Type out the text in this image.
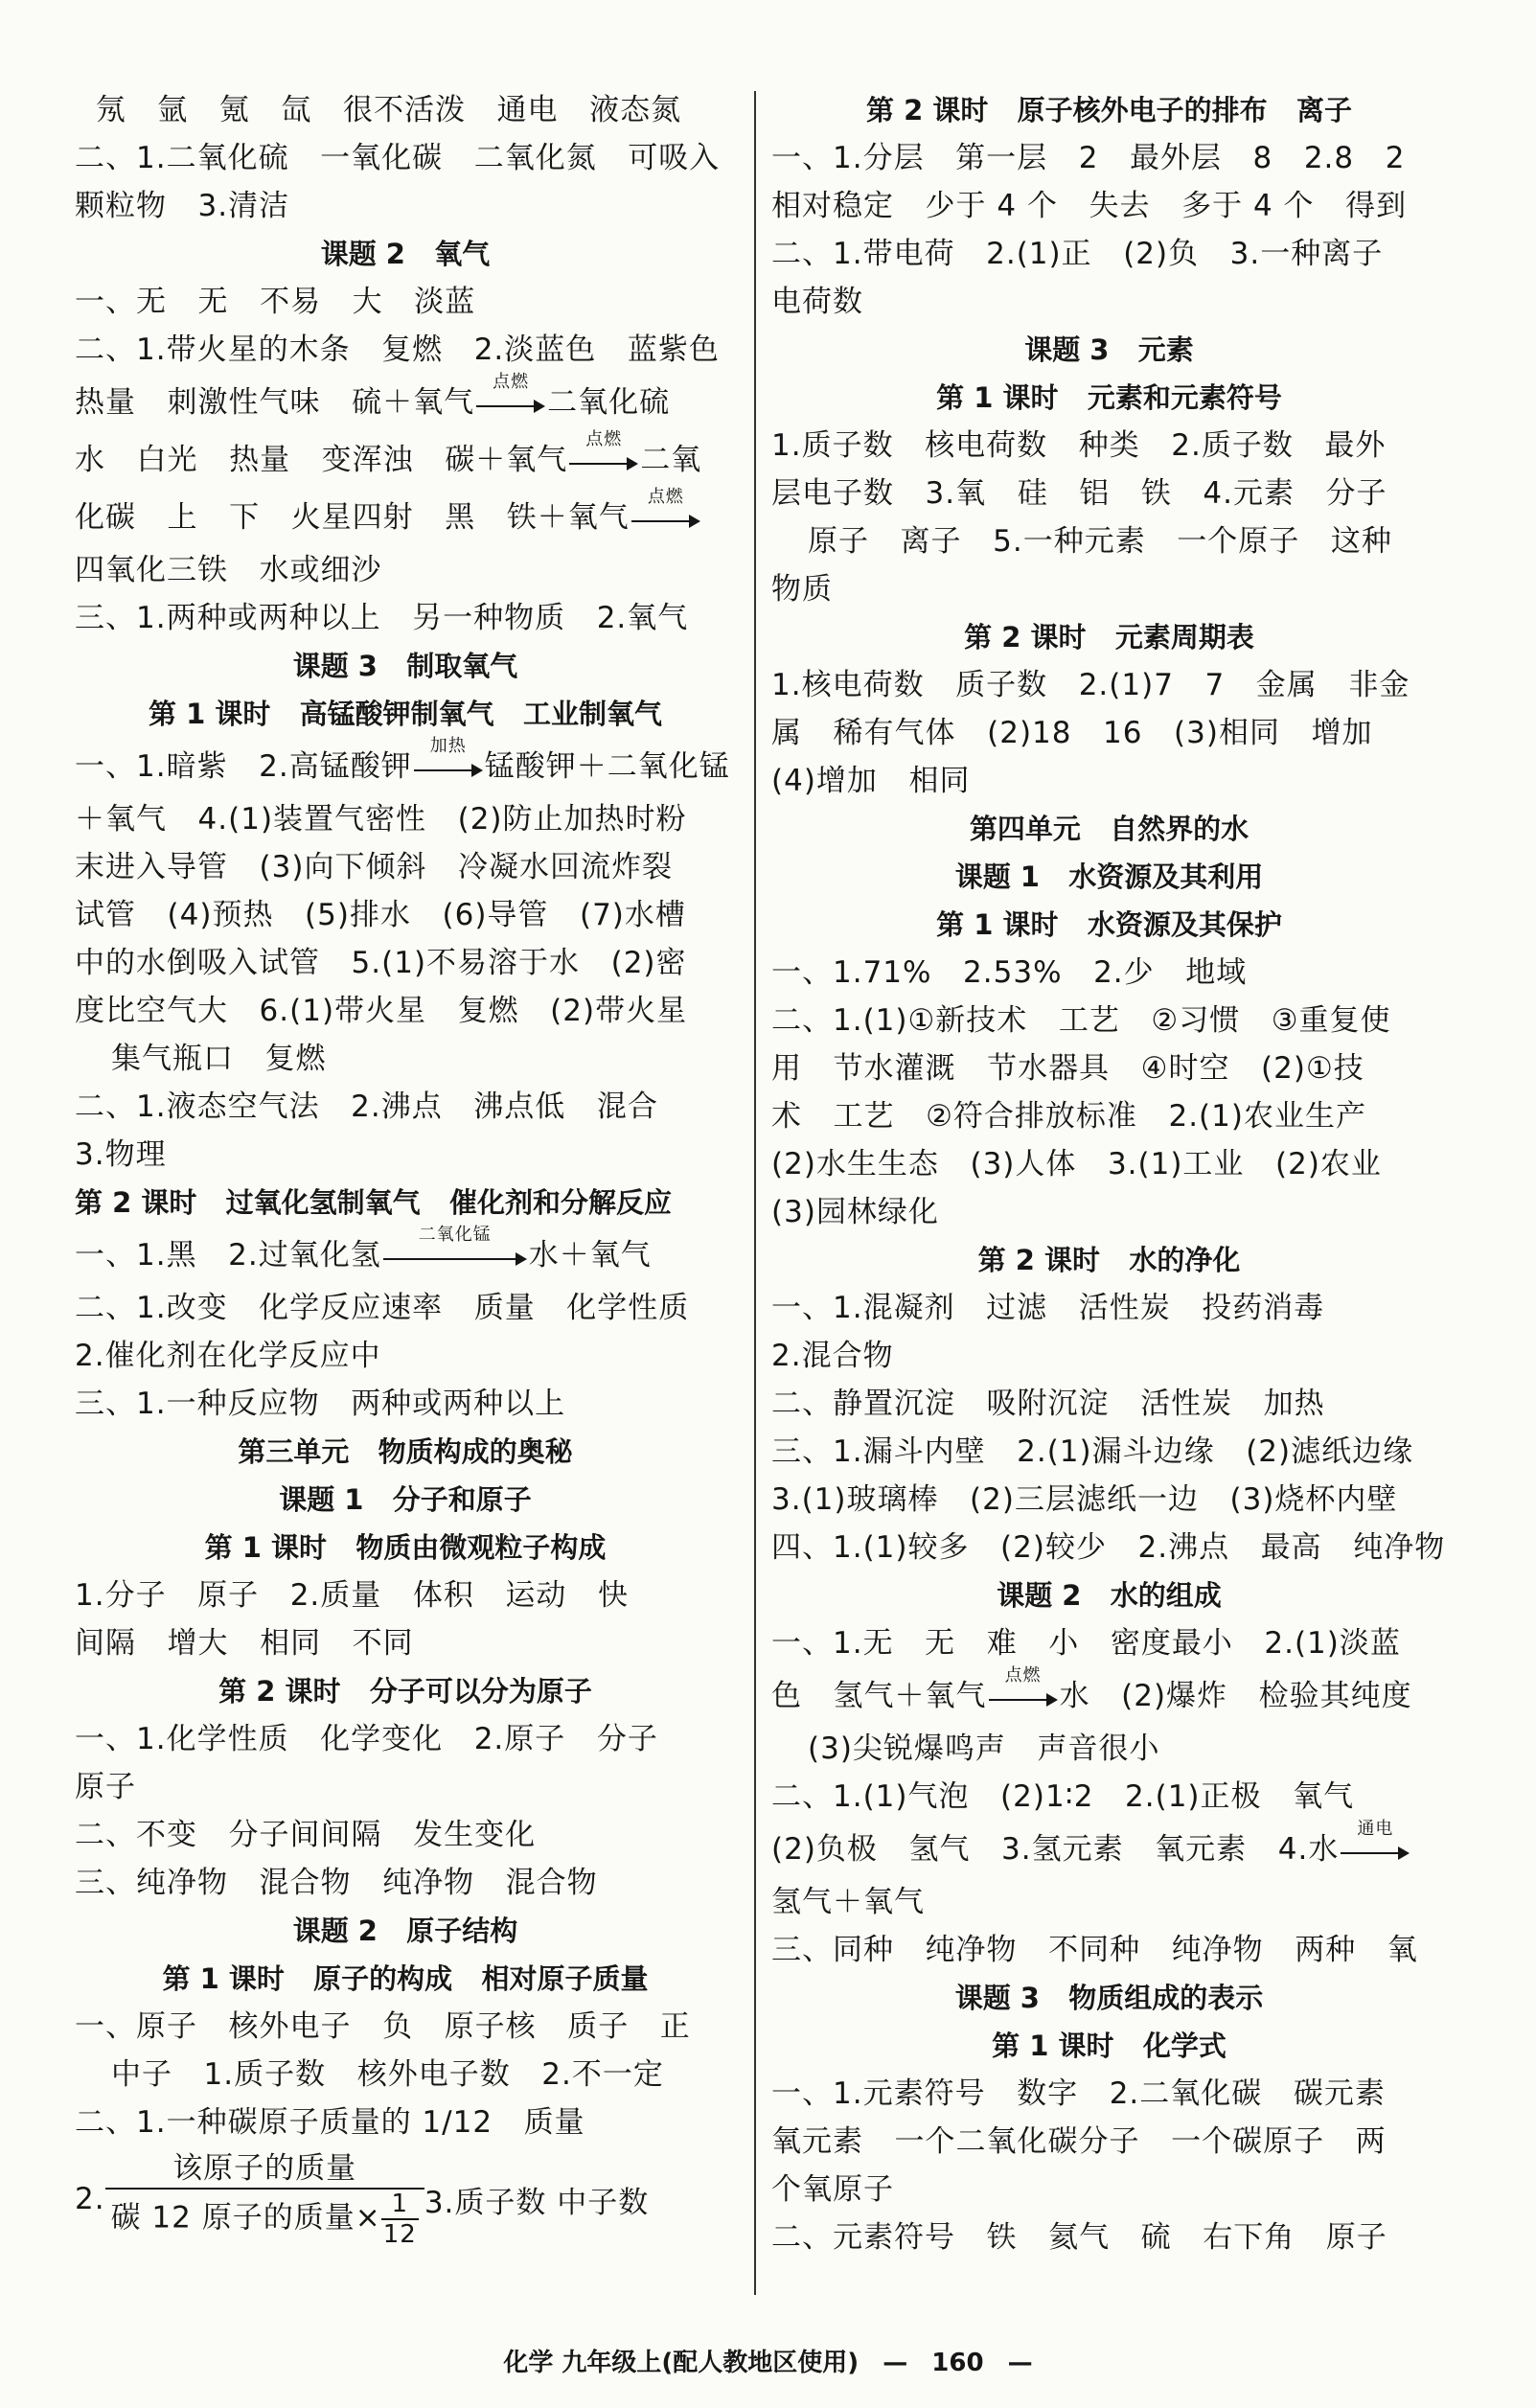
氖   氩   氪   氙   很不活泼   通电   液态氮
二、1.二氧化硫   一氧化碳   二氧化氮   可吸入
颗粒物   3.清洁
课题 2   氧气
一、无   无   不易   大   淡蓝
二、1.带火星的木条   复燃   2.淡蓝色   蓝紫色
热量   刺激性气味   硫＋氧气
点燃
二氧化硫
水   白光   热量   变浑浊   碳＋氧气
点燃
二氧
化碳   上   下   火星四射   黑   铁＋氧气
点燃
四氧化三铁   水或细沙
三、1.两种或两种以上   另一种物质   2.氧气
课题 3   制取氧气
第 1 课时   高锰酸钾制氧气   工业制氧气
一、1.暗紫   2.高锰酸钾
加热
锰酸钾＋二氧化锰
＋氧气   4.(1)装置气密性   (2)防止加热时粉
末进入导管   (3)向下倾斜   冷凝水回流炸裂
试管   (4)预热   (5)排水   (6)导管   (7)水槽
中的水倒吸入试管   5.(1)不易溶于水   (2)密
度比空气大   6.(1)带火星   复燃   (2)带火星
集气瓶口   复燃
二、1.液态空气法   2.沸点   沸点低   混合
3.物理
第 2 课时   过氧化氢制氧气   催化剂和分解反应
一、1.黑   2.过氧化氢
二氧化锰
水＋氧气
二、1.改变   化学反应速率   质量   化学性质
2.催化剂在化学反应中
三、1.一种反应物   两种或两种以上
第三单元   物质构成的奥秘
课题 1   分子和原子
第 1 课时   物质由微观粒子构成
1.分子   原子   2.质量   体积   运动   快
间隔   增大   相同   不同
第 2 课时   分子可以分为原子
一、1.化学性质   化学变化   2.原子   分子
原子
二、不变   分子间间隔   发生变化
三、纯净物   混合物   纯净物   混合物
课题 2   原子结构
第 1 课时   原子的构成   相对原子质量
一、原子   核外电子   负   原子核   质子   正
中子   1.质子数   核外电子数   2.不一定
二、1.一种碳原子质量的 1/12   质量
2. $\frac{\text{该原子的质量}}{碳 12 原子的质量\times \frac{1}{12}} 3$.质子数 中子数
第 2 课时   原子核外电子的排布   离子
一、1.分层   第一层   2   最外层   8   2.8   2
相对稳定   少于 4 个   失去   多于 4 个   得到
二、1.带电荷   2.(1)正   (2)负   3.一种离子
电荷数
课题 3   元素
第 1 课时   元素和元素符号
1.质子数   核电荷数   种类   2.质子数   最外
层电子数   3.氧   硅   铝   铁   4.元素   分子
原子   离子   5.一种元素   一个原子   这种
物质
第 2 课时   元素周期表
1.核电荷数   质子数   2.(1)7   7   金属   非金
属   稀有气体   (2)18   16   (3)相同   增加
(4)增加   相同
第四单元   自然界的水
课题 1   水资源及其利用
第 1 课时   水资源及其保护
一、1.71%   2.53%   2.少   地域
二、1.(1)①新技术   工艺   ②习惯   ③重复使
用   节水灌溉   节水器具   ④时空   (2)①技
术   工艺   ②符合排放标准   2.(1)农业生产
(2)水生生态   (3)人体   3.(1)工业   (2)农业
(3)园林绿化
第 2 课时   水的净化
一、1.混凝剂   过滤   活性炭   投药消毒
2.混合物
二、静置沉淀   吸附沉淀   活性炭   加热
三、1.漏斗内壁   2.(1)漏斗边缘   (2)滤纸边缘
3.(1)玻璃棒   (2)三层滤纸一边   (3)烧杯内壁
四、1.(1)较多   (2)较少   2.沸点   最高   纯净物
课题 2   水的组成
一、1.无   无   难   小   密度最小   2.(1)淡蓝
色   氢气＋氧气
点燃
水   (2)爆炸   检验其纯度
(3)尖锐爆鸣声   声音很小
二、1.(1)气泡   (2)1∶2   2.(1)正极   氧气
(2)负极   氢气   3.氢元素   氧元素   4.水
通电
氢气＋氧气
三、同种   纯净物   不同种   纯净物   两种   氧
课题 3   物质组成的表示
第 1 课时   化学式
一、1.元素符号   数字   2.二氧化碳   碳元素
氧元素   一个二氧化碳分子   一个碳原子   两
个氧原子
二、元素符号   铁   氦气   硫   右下角   原子
化学 九年级上(配人教地区使用) — 160 —
